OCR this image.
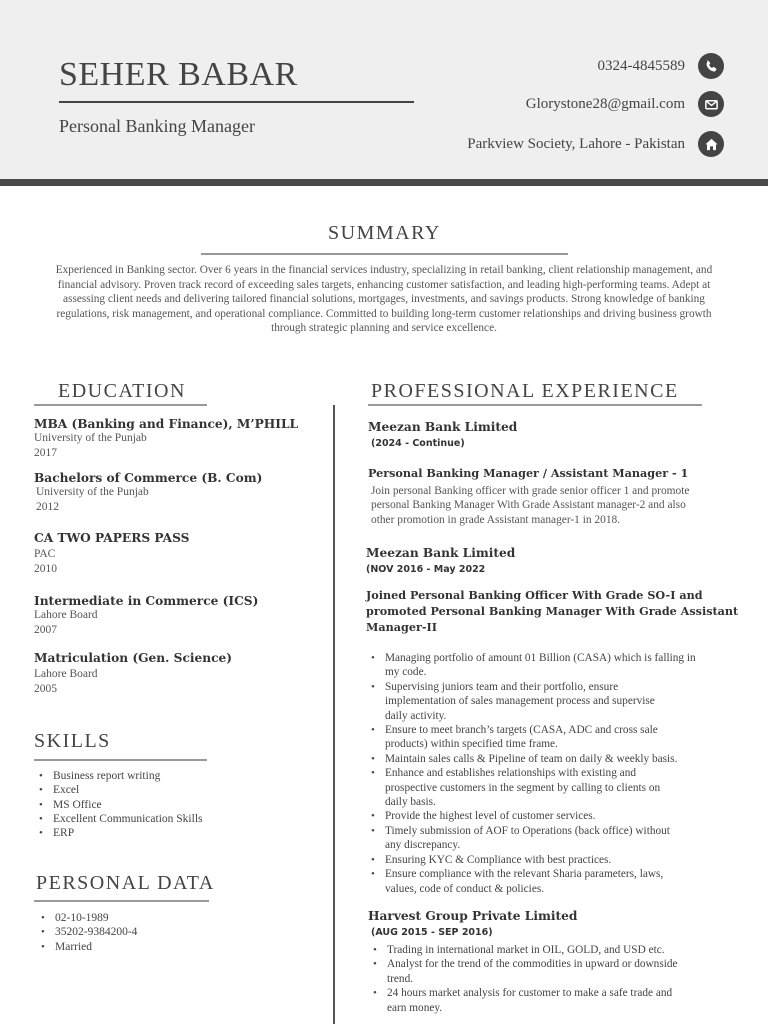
SEHER BABAR
Personal Banking Manager
0324-4845589
Glorystone28@gmail.com
Parkview Society, Lahore - Pakistan
SUMMARY
Experienced in Banking sector. Over 6 years in the financial services industry, specializing in retail banking, client relationship management, and financial advisory. Proven track record of exceeding sales targets, enhancing customer satisfaction, and leading high-performing teams. Adept at assessing client needs and delivering tailored financial solutions, mortgages, investments, and savings products. Strong knowledge of banking regulations, risk management, and operational compliance. Committed to building long-term customer relationships and driving business growth through strategic planning and service excellence.
EDUCATION
MBA (Banking and Finance), M’PHILL
University of the Punjab
2017
Bachelors of Commerce (B. Com)
University of the Punjab
2012
CA TWO PAPERS PASS
PAC
2010
Intermediate in Commerce (ICS)
Lahore Board
2007
Matriculation (Gen. Science)
Lahore Board
2005
SKILLS
• Business report writing
• Excel
• MS Office
• Excellent Communication Skills
• ERP
PERSONAL DATA
• 02-10-1989
• 35202-9384200-4
• Married
PROFESSIONAL EXPERIENCE
Meezan Bank Limited
(2024 - Continue)
Personal Banking Manager / Assistant Manager - 1
Join personal Banking officer with grade senior officer 1 and promote
personal Banking Manager With Grade Assistant manager-2 and also
other promotion in grade Assistant manager-1 in 2018.
Meezan Bank Limited
(NOV 2016 - May 2022
Joined Personal Banking Officer With Grade SO-I and
promoted Personal Banking Manager With Grade Assistant
Manager-II
• Managing portfolio of amount 01 Billion (CASA) which is falling in
my code.
• Supervising juniors team and their portfolio, ensure
implementation of sales management process and supervise
daily activity.
• Ensure to meet branch’s targets (CASA, ADC and cross sale
products) within specified time frame.
• Maintain sales calls & Pipeline of team on daily & weekly basis.
• Enhance and establishes relationships with existing and
prospective customers in the segment by calling to clients on
daily basis.
• Provide the highest level of customer services.
• Timely submission of AOF to Operations (back office) without
any discrepancy.
• Ensuring KYC & Compliance with best practices.
• Ensure compliance with the relevant Sharia parameters, laws,
values, code of conduct & policies.
Harvest Group Private Limited
(AUG 2015 - SEP 2016)
• Trading in international market in OIL, GOLD, and USD etc.
• Analyst for the trend of the commodities in upward or downside
trend.
• 24 hours market analysis for customer to make a safe trade and
earn money.
